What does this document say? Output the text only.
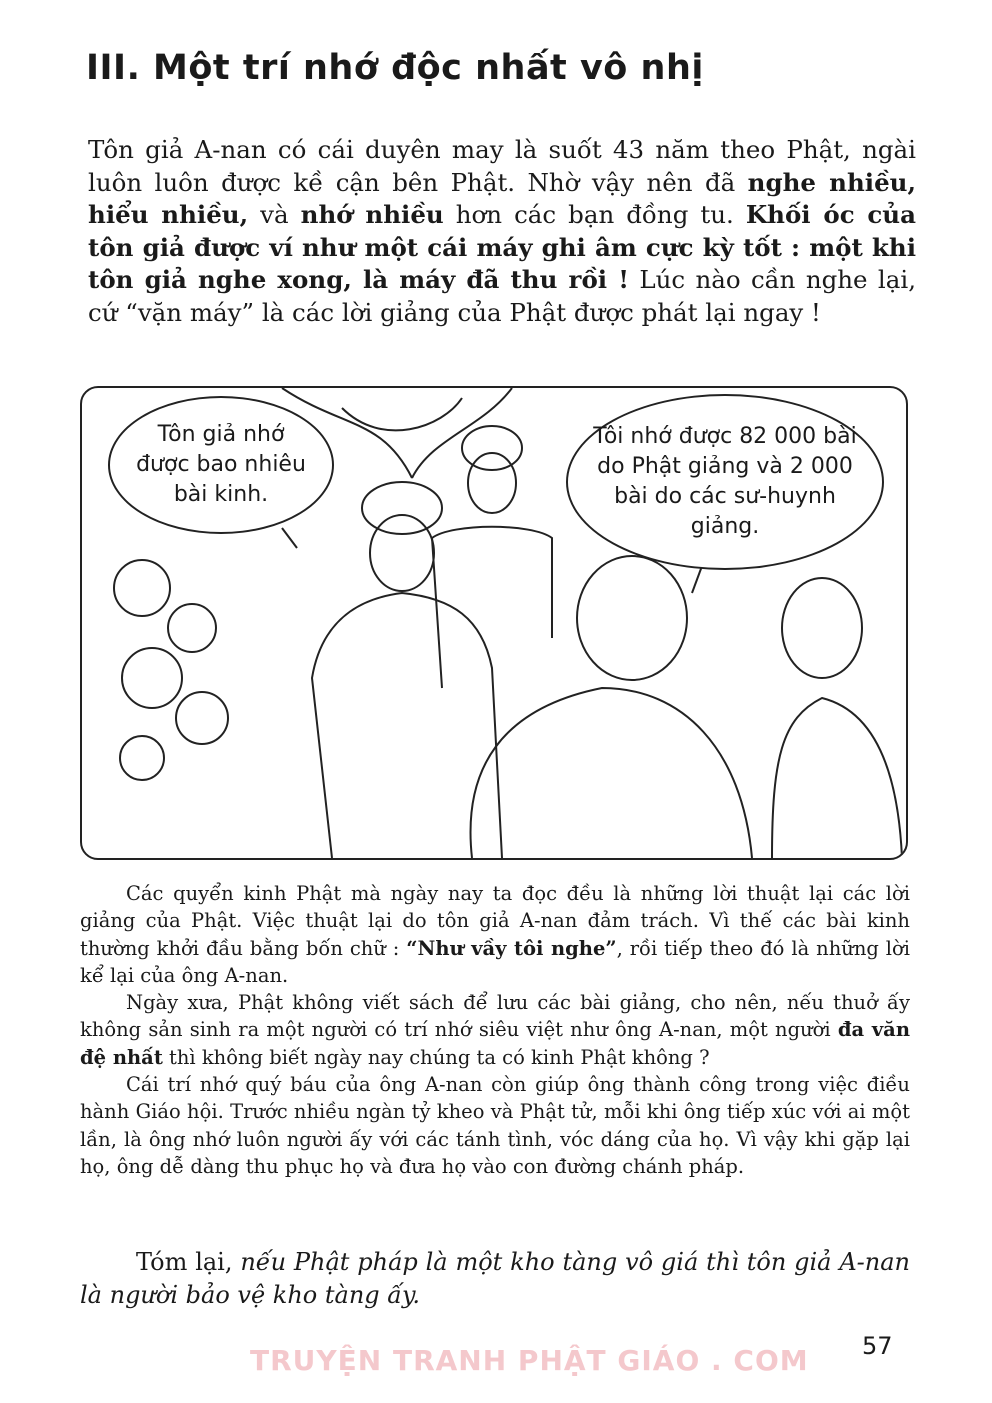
III. Một trí nhớ độc nhất vô nhị
Tôn giả A-nan có cái duyên may là suốt 43 năm theo Phật, ngài luôn luôn được kề cận bên Phật. Nhờ vậy nên đã nghe nhiều, hiểu nhiều, và nhớ nhiều hơn các bạn đồng tu. Khối óc của tôn giả được ví như một cái máy ghi âm cực kỳ tốt : một khi tôn giả nghe xong, là máy đã thu rồi ! Lúc nào cần nghe lại, cứ “vặn máy” là các lời giảng của Phật được phát lại ngay !
Tôn giả nhớ được bao nhiêu bài kinh.
Tôi nhớ được 82 000 bài do Phật giảng và 2 000 bài do các sư-huynh giảng.

Các quyển kinh Phật mà ngày nay ta đọc đều là những lời thuật lại các lời giảng của Phật. Việc thuật lại do tôn giả A-nan đảm trách. Vì thế các bài kinh thường khởi đầu bằng bốn chữ : “Như vầy tôi nghe”, rồi tiếp theo đó là những lời kể lại của ông A-nan.

Ngày xưa, Phật không viết sách để lưu các bài giảng, cho nên, nếu thuở ấy không sản sinh ra một người có trí nhớ siêu việt như ông A-nan, một người đa văn đệ nhất thì không biết ngày nay chúng ta có kinh Phật không ?

Cái trí nhớ quý báu của ông A-nan còn giúp ông thành công trong việc điều hành Giáo hội. Trước nhiều ngàn tỷ kheo và Phật tử, mỗi khi ông tiếp xúc với ai một lần, là ông nhớ luôn người ấy với các tánh tình, vóc dáng của họ. Vì vậy khi gặp lại họ, ông dễ dàng thu phục họ và đưa họ vào con đường chánh pháp.

Tóm lại, nếu Phật pháp là một kho tàng vô giá thì tôn giả A-nan là người bảo vệ kho tàng ấy.
TRUYỆN TRANH PHẬT GIÁO . COM 57
